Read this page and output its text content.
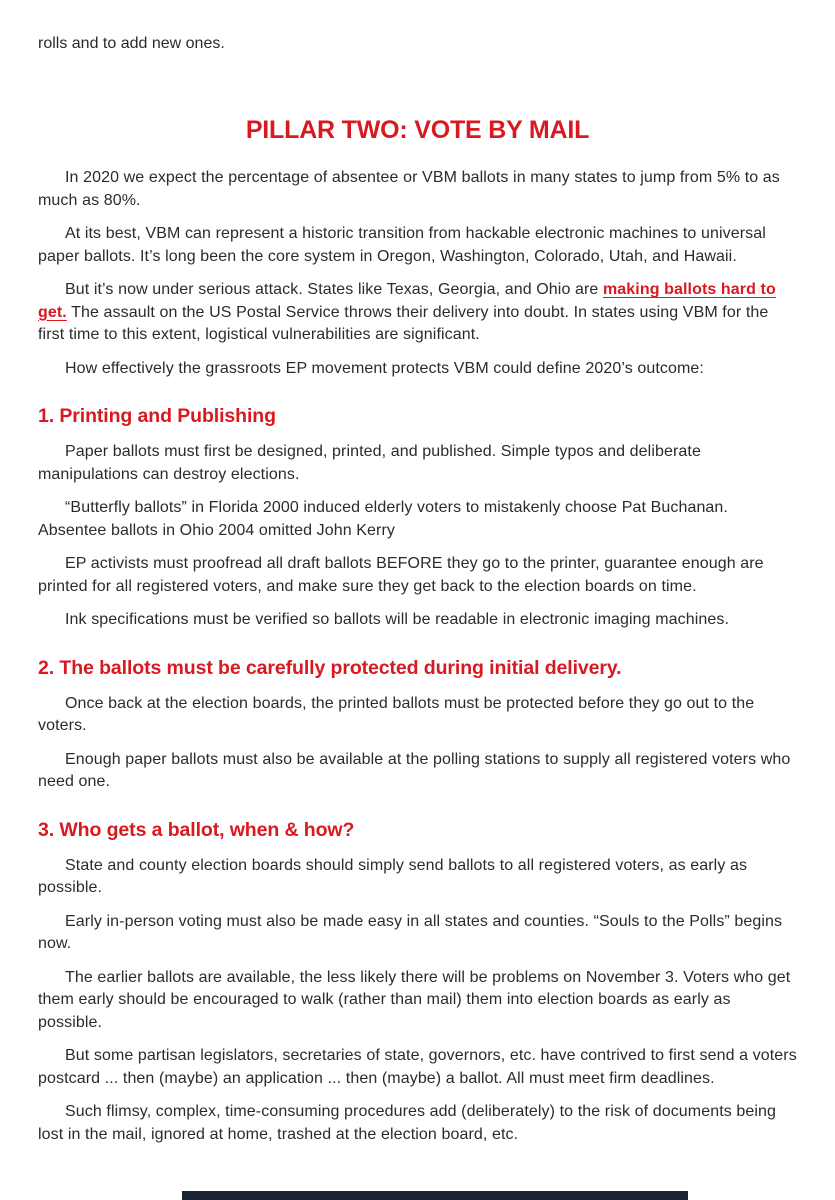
rolls and to add new ones.

PILLAR TWO: VOTE BY MAIL

In 2020 we expect the percentage of absentee or VBM ballots in many states to jump from 5% to as much as 80%.

At its best, VBM can represent a historic transition from hackable electronic machines to universal paper ballots. It’s long been the core system in Oregon, Washington, Colorado, Utah, and Hawaii.

But it’s now under serious attack. States like Texas, Georgia, and Ohio are making ballots hard to get. The assault on the US Postal Service throws their delivery into doubt. In states using VBM for the first time to this extent, logistical vulnerabilities are significant.

How effectively the grassroots EP movement protects VBM could define 2020’s outcome:

1. Printing and Publishing

Paper ballots must first be designed, printed, and published. Simple typos and deliberate manipulations can destroy elections.

“Butterfly ballots” in Florida 2000 induced elderly voters to mistakenly choose Pat Buchanan. Absentee ballots in Ohio 2004 omitted John Kerry

EP activists must proofread all draft ballots BEFORE they go to the printer, guarantee enough are printed for all registered voters, and make sure they get back to the election boards on time.

Ink specifications must be verified so ballots will be readable in electronic imaging machines.

2. The ballots must be carefully protected during initial delivery.

Once back at the election boards, the printed ballots must be protected before they go out to the voters.

Enough paper ballots must also be available at the polling stations to supply all registered voters who need one.

3. Who gets a ballot, when & how?

State and county election boards should simply send ballots to all registered voters, as early as possible.

Early in-person voting must also be made easy in all states and counties. “Souls to the Polls” begins now.

The earlier ballots are available, the less likely there will be problems on November 3. Voters who get them early should be encouraged to walk (rather than mail) them into election boards as early as possible.

But some partisan legislators, secretaries of state, governors, etc. have contrived to first send a voters postcard ... then (maybe) an application ... then (maybe) a ballot. All must meet firm deadlines.

Such flimsy, complex, time-consuming procedures add (deliberately) to the risk of documents being lost in the mail, ignored at home, trashed at the election board, etc.
